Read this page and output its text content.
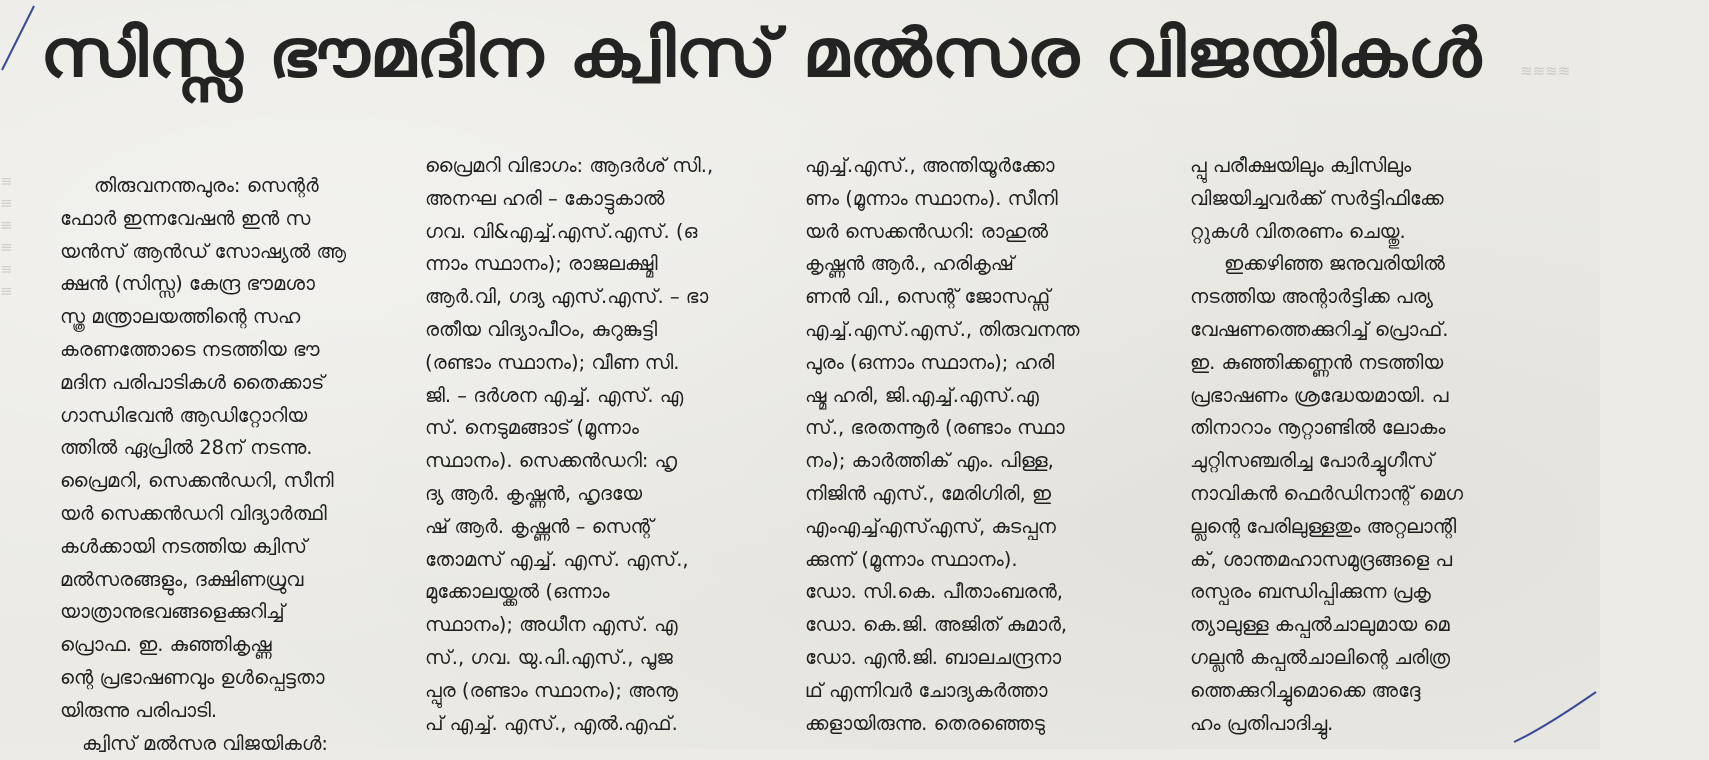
≋≋≋≋
≡
≡
≡
≡
≡
≡
സിസ്സ ഭൗമദിന ക്വിസ് മൽസര വിജയികൾ
തിരുവനന്തപുരം: സെന്റർ
ഫോർ ഇന്നവേഷൻ ഇൻ സ
യൻസ് ആൻഡ് സോഷ്യൽ ആ
ക്ഷൻ (സിസ്സ) കേന്ദ്ര ഭൗമശാ
സ്ത്ര മന്ത്രാലയത്തിന്റെ സഹ
കരണത്തോടെ നടത്തിയ ഭൗ
മദിന പരിപാടികൾ തൈക്കാട്
ഗാന്ധിഭവൻ ആഡിറ്റോറിയ
ത്തിൽ ഏപ്രിൽ 28ന് നടന്നു.
പ്രൈമറി, സെക്കൻഡറി, സീനി
യർ സെക്കൻഡറി വിദ്യാർത്ഥി
കൾക്കായി നടത്തിയ ക്വിസ്
മൽസരങ്ങളും, ദക്ഷിണധ്രുവ
യാത്രാനുഭവങ്ങളെക്കുറിച്ച്
പ്രൊഫ. ഇ. കുഞ്ഞികൃഷ്ണ
ന്റെ പ്രഭാഷണവും ഉൾപ്പെട്ടതാ
യിരുന്നു പരിപാടി.
ക്വിസ് മൽസര വിജയികൾ:
പ്രൈമറി വിഭാഗം: ആദർശ് സി.,
അനഘ ഹരി – കോട്ടുകാൽ
ഗവ. വി&എച്ച്.എസ്.എസ്. (ഒ
ന്നാം സ്ഥാനം); രാജലക്ഷ്മി
ആർ.വി, ഗദ്യ എസ്.എസ്. – ഭാ
രതീയ വിദ്യാപീഠം, കുറുങ്കുട്ടി
(രണ്ടാം സ്ഥാനം); വീണ സി.
ജി. – ദർശന എച്ച്. എസ്. എ
സ്. നെടുമങ്ങാട് (മൂന്നാം
സ്ഥാനം). സെക്കൻഡറി: ഹൃ
ദ്യ ആർ. കൃഷ്ണൻ, ഹൃദയേ
ഷ് ആർ. കൃഷ്ണൻ – സെന്റ്
തോമസ് എച്ച്. എസ്. എസ്.,
മുക്കോലയ്ക്കൽ (ഒന്നാം
സ്ഥാനം); അധീന എസ്. എ
സ്., ഗവ. യു.പി.എസ്., പൂജ
പ്പുര (രണ്ടാം സ്ഥാനം); അനൂ
പ് എച്ച്. എസ്., എൽ.എഫ്.
എച്ച്.എസ്., അന്തിയൂർക്കോ
ണം (മൂന്നാം സ്ഥാനം). സീനി
യർ സെക്കൻഡറി: രാഹുൽ
കൃഷ്ണൻ ആർ., ഹരികൃഷ്
ണൻ വി., സെന്റ് ജോസഫ്സ്
എച്ച്.എസ്.എസ്., തിരുവനന്ത
പുരം (ഒന്നാം സ്ഥാനം); ഹരി
ഷ്മ ഹരി, ജി.എച്ച്.എസ്.എ
സ്., ഭരതന്നൂർ (രണ്ടാം സ്ഥാ
നം); കാർത്തിക് എം. പിള്ള,
നിജിൻ എസ്., മേരിഗിരി, ഇ
എംഎച്ച്എസ്എസ്, കുടപ്പന
ക്കുന്ന് (മൂന്നാം സ്ഥാനം).
ഡോ. സി.കെ. പീതാംബരൻ,
ഡോ. കെ.ജി. അജിത് കുമാർ,
ഡോ. എൻ.ജി. ബാലചന്ദ്രനാ
ഥ് എന്നിവർ ചോദ്യകർത്താ
ക്കളായിരുന്നു. തെരഞ്ഞെടു
പ്പു പരീക്ഷയിലും ക്വിസിലും
വിജയിച്ചവർക്ക് സർട്ടിഫിക്കേ
റ്റുകൾ വിതരണം ചെയ്തു.
ഇക്കഴിഞ്ഞ ജനുവരിയിൽ
നടത്തിയ അന്റാർട്ടിക്ക പര്യ
വേഷണത്തെക്കുറിച്ച് പ്രൊഫ്.
ഇ. കുഞ്ഞിക്കണ്ണൻ നടത്തിയ
പ്രഭാഷണം ശ്രദ്ധേയമായി. പ
തിനാറാം നൂറ്റാണ്ടിൽ ലോകം
ചുറ്റിസഞ്ചരിച്ച പോർച്ചുഗീസ്
നാവികൻ ഫെർഡിനാന്റ് മെഗ
ല്ലന്റെ പേരിലുള്ളതും അറ്റലാന്റി
ക്, ശാന്തമഹാസമുദ്രങ്ങളെ പ
രസ്പരം ബന്ധിപ്പിക്കുന്ന പ്രകൃ
ത്യാലുള്ള കപ്പൽചാലുമായ മെ
ഗല്ലൻ കപ്പൽചാലിന്റെ ചരിത്ര
ത്തെക്കുറിച്ചുമൊക്കെ അദ്ദേ
ഹം പ്രതിപാദിച്ചു.
